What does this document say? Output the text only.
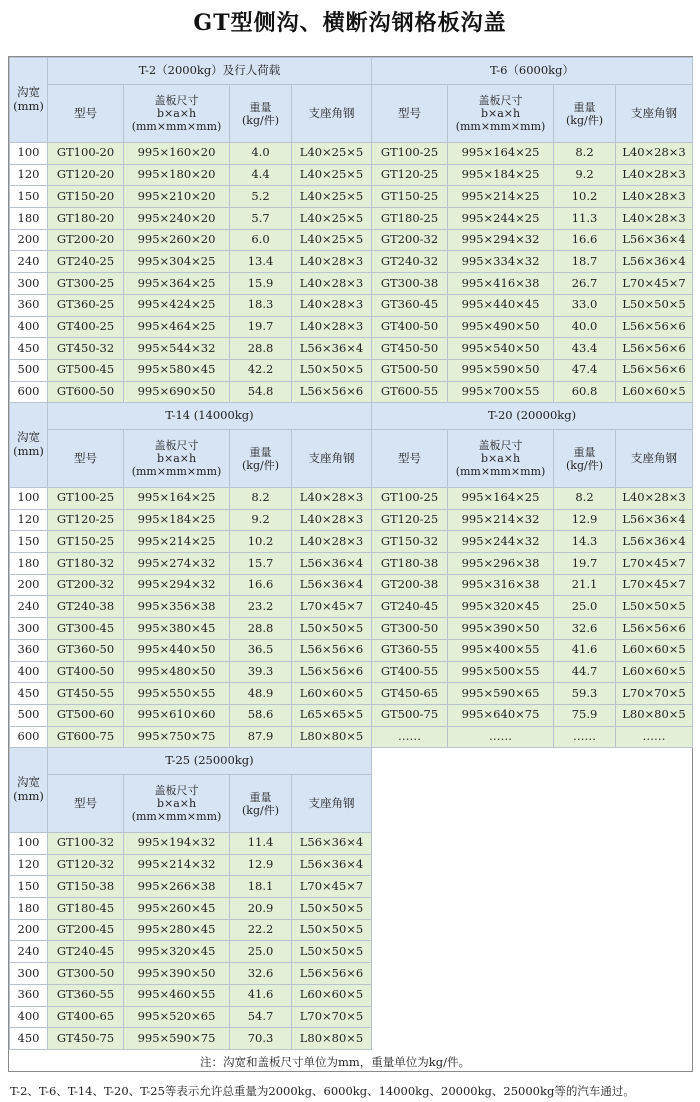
GT型侧沟、横断沟钢格板沟盖
沟宽
(mm)	T-2（2000kg）及行人荷载				T-6（6000kg）			
	型号	盖板尺寸
b×a×h
(mm×mm×mm)	重量
(kg/件)	支座角钢	型号	盖板尺寸
b×a×h
(mm×mm×mm)	重量
(kg/件)	支座角钢
100	GT100-20	995×160×20	4.0	L40×25×5	GT100-25	995×164×25	8.2	L40×28×3
120	GT120-20	995×180×20	4.4	L40×25×5	GT120-25	995×184×25	9.2	L40×28×3
150	GT150-20	995×210×20	5.2	L40×25×5	GT150-25	995×214×25	10.2	L40×28×3
180	GT180-20	995×240×20	5.7	L40×25×5	GT180-25	995×244×25	11.3	L40×28×3
200	GT200-20	995×260×20	6.0	L40×25×5	GT200-32	995×294×32	16.6	L56×36×4
240	GT240-25	995×304×25	13.4	L40×28×3	GT240-32	995×334×32	18.7	L56×36×4
300	GT300-25	995×364×25	15.9	L40×28×3	GT300-38	995×416×38	26.7	L70×45×7
360	GT360-25	995×424×25	18.3	L40×28×3	GT360-45	995×440×45	33.0	L50×50×5
400	GT400-25	995×464×25	19.7	L40×28×3	GT400-50	995×490×50	40.0	L56×56×6
450	GT450-32	995×544×32	28.8	L56×36×4	GT450-50	995×540×50	43.4	L56×56×6
500	GT500-45	995×580×45	42.2	L50×50×5	GT500-50	995×590×50	47.4	L56×56×6
600	GT600-50	995×690×50	54.8	L56×56×6	GT600-55	995×700×55	60.8	L60×60×5
沟宽
(mm)	T-14 (14000kg)				T-20 (20000kg)			
	型号	盖板尺寸
b×a×h
(mm×mm×mm)	重量
(kg/件)	支座角钢	型号	盖板尺寸
b×a×h
(mm×mm×mm)	重量
(kg/件)	支座角钢
100	GT100-25	995×164×25	8.2	L40×28×3	GT100-25	995×164×25	8.2	L40×28×3
120	GT120-25	995×184×25	9.2	L40×28×3	GT120-25	995×214×32	12.9	L56×36×4
150	GT150-25	995×214×25	10.2	L40×28×3	GT150-32	995×244×32	14.3	L56×36×4
180	GT180-32	995×274×32	15.7	L56×36×4	GT180-38	995×296×38	19.7	L70×45×7
200	GT200-32	995×294×32	16.6	L56×36×4	GT200-38	995×316×38	21.1	L70×45×7
240	GT240-38	995×356×38	23.2	L70×45×7	GT240-45	995×320×45	25.0	L50×50×5
300	GT300-45	995×380×45	28.8	L50×50×5	GT300-50	995×390×50	32.6	L56×56×6
360	GT360-50	995×440×50	36.5	L56×56×6	GT360-55	995×400×55	41.6	L60×60×5
400	GT400-50	995×480×50	39.3	L56×56×6	GT400-55	995×500×55	44.7	L60×60×5
450	GT450-55	995×550×55	48.9	L60×60×5	GT450-65	995×590×65	59.3	L70×70×5
500	GT500-60	995×610×60	58.6	L65×65×5	GT500-75	995×640×75	75.9	L80×80×5
600	GT600-75	995×750×75	87.9	L80×80×5	……	……	……	……
沟宽
(mm)	T-25 (25000kg)			
	型号	盖板尺寸
b×a×h
(mm×mm×mm)	重量
(kg/件)	支座角钢
100	GT100-32	995×194×32	11.4	L56×36×4
120	GT120-32	995×214×32	12.9	L56×36×4
150	GT150-38	995×266×38	18.1	L70×45×7
180	GT180-45	995×260×45	20.9	L50×50×5
200	GT200-45	995×280×45	22.2	L50×50×5
240	GT240-45	995×320×45	25.0	L50×50×5
300	GT300-50	995×390×50	32.6	L56×56×6
360	GT360-55	995×460×55	41.6	L60×60×5
400	GT400-65	995×520×65	54.7	L70×70×5
450	GT450-75	995×590×75	70.3	L80×80×5
注：沟宽和盖板尺寸单位为mm，重量单位为kg/件。
T-2、T-6、T-14、T-20、T-25等表示允许总重量为2000kg、6000kg、14000kg、20000kg、25000kg等的汽车通过。
